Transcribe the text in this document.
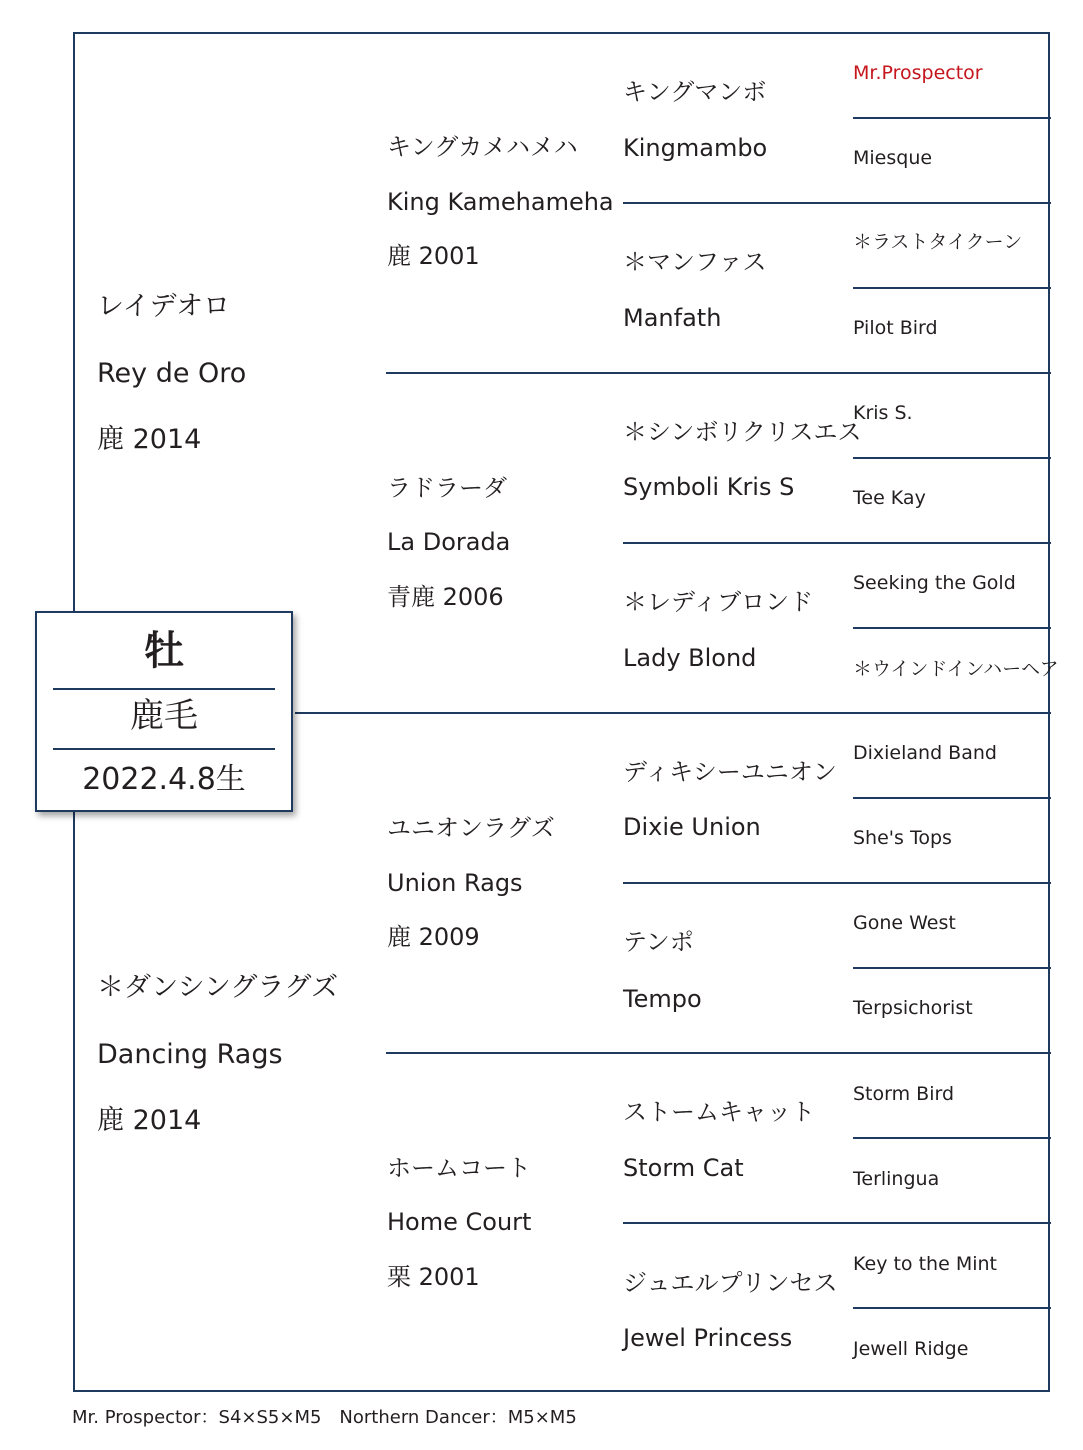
レイデオロ
Rey de Oro
鹿 2014
＊ダンシングラグズ
Dancing Rags
鹿 2014
キングカメハメハ
King Kamehameha
鹿 2001
ラドラーダ
La Dorada
青鹿 2006
ユニオンラグズ
Union Rags
鹿 2009
ホームコート
Home Court
栗 2001
キングマンボ
Kingmambo
＊マンファス
Manfath
＊シンボリクリスエス
Symboli Kris S
＊レディブロンド
Lady Blond
ディキシーユニオン
Dixie Union
テンポ
Tempo
ストームキャット
Storm Cat
ジュエルプリンセス
Jewel Princess
Mr.Prospector
Miesque
＊ラストタイクーン
Pilot Bird
Kris S.
Tee Kay
Seeking the Gold
＊ウインドインハーヘア
Dixieland Band
She's Tops
Gone West
Terpsichorist
Storm Bird
Terlingua
Key to the Mint
Jewell Ridge
牡
鹿毛
2022.4.8生
Mr. Prospector：S4×S5×M5　Northern Dancer：M5×M5
